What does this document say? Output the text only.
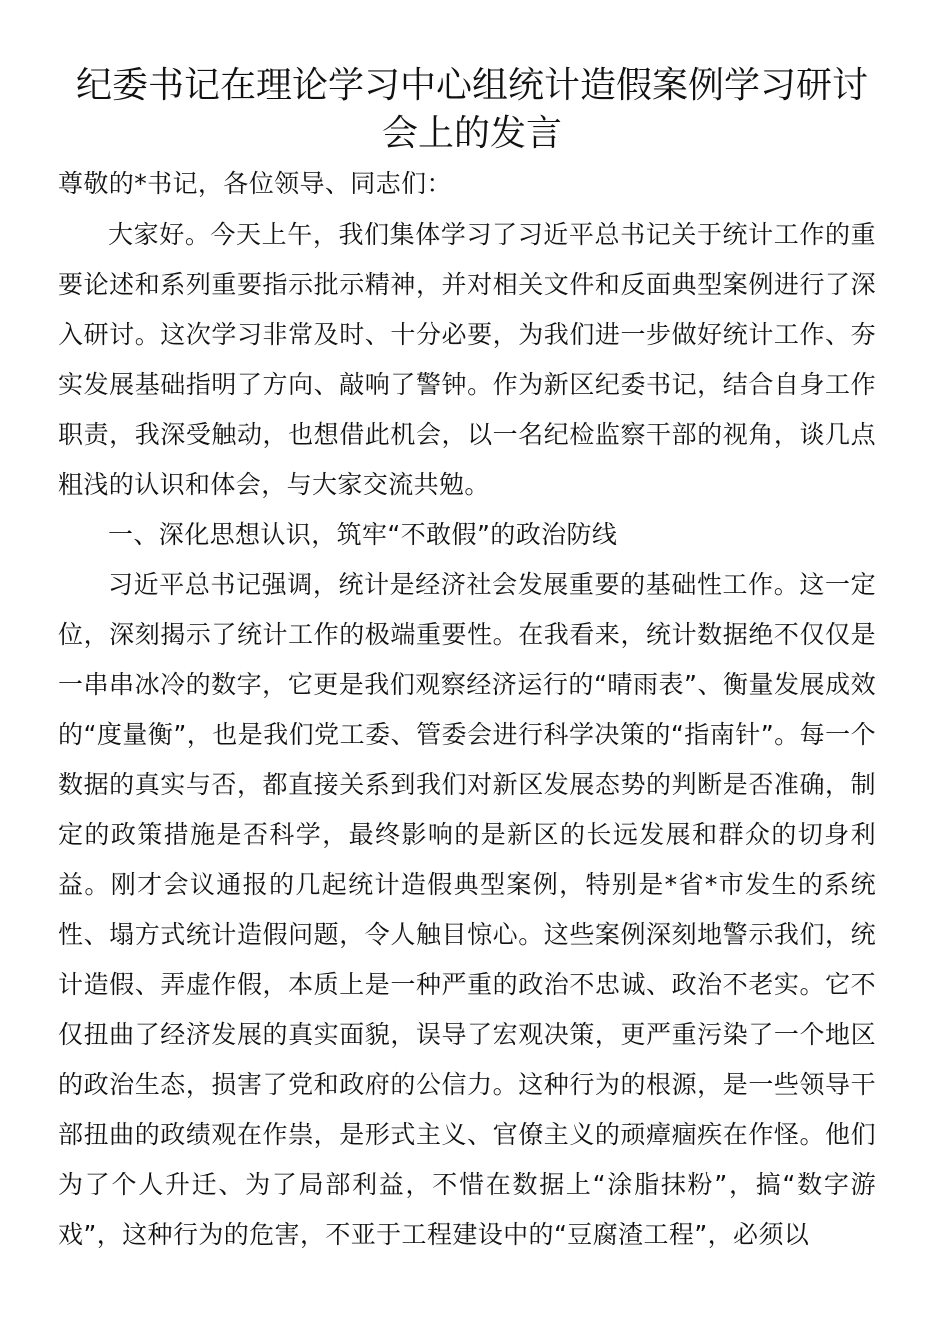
纪委书记在理论学习中心组统计造假案例学习研讨会上的发言

尊敬的*书记，各位领导、同志们：

大家好。今天上午，我们集体学习了习近平总书记关于统计工作的重要论述和系列重要指示批示精神，并对相关文件和反面典型案例进行了深入研讨。这次学习非常及时、十分必要，为我们进一步做好统计工作、夯实发展基础指明了方向、敲响了警钟。作为新区纪委书记，结合自身工作职责，我深受触动，也想借此机会，以一名纪检监察干部的视角，谈几点粗浅的认识和体会，与大家交流共勉。

一、深化思想认识，筑牢“不敢假”的政治防线

习近平总书记强调，统计是经济社会发展重要的基础性工作。这一定位，深刻揭示了统计工作的极端重要性。在我看来，统计数据绝不仅仅是一串串冰冷的数字，它更是我们观察经济运行的“晴雨表”、衡量发展成效的“度量衡”，也是我们党工委、管委会进行科学决策的“指南针”。每一个数据的真实与否，都直接关系到我们对新区发展态势的判断是否准确，制定的政策措施是否科学，最终影响的是新区的长远发展和群众的切身利益。刚才会议通报的几起统计造假典型案例，特别是*省*市发生的系统性、塌方式统计造假问题，令人触目惊心。这些案例深刻地警示我们，统计造假、弄虚作假，本质上是一种严重的政治不忠诚、政治不老实。它不仅扭曲了经济发展的真实面貌，误导了宏观决策，更严重污染了一个地区的政治生态，损害了党和政府的公信力。这种行为的根源，是一些领导干部扭曲的政绩观在作祟，是形式主义、官僚主义的顽瘴痼疾在作怪。他们为了个人升迁、为了局部利益，不惜在数据上“涂脂抹粉”，搞“数字游戏”，这种行为的危害，不亚于工程建设中的“豆腐渣工程”，必须以
